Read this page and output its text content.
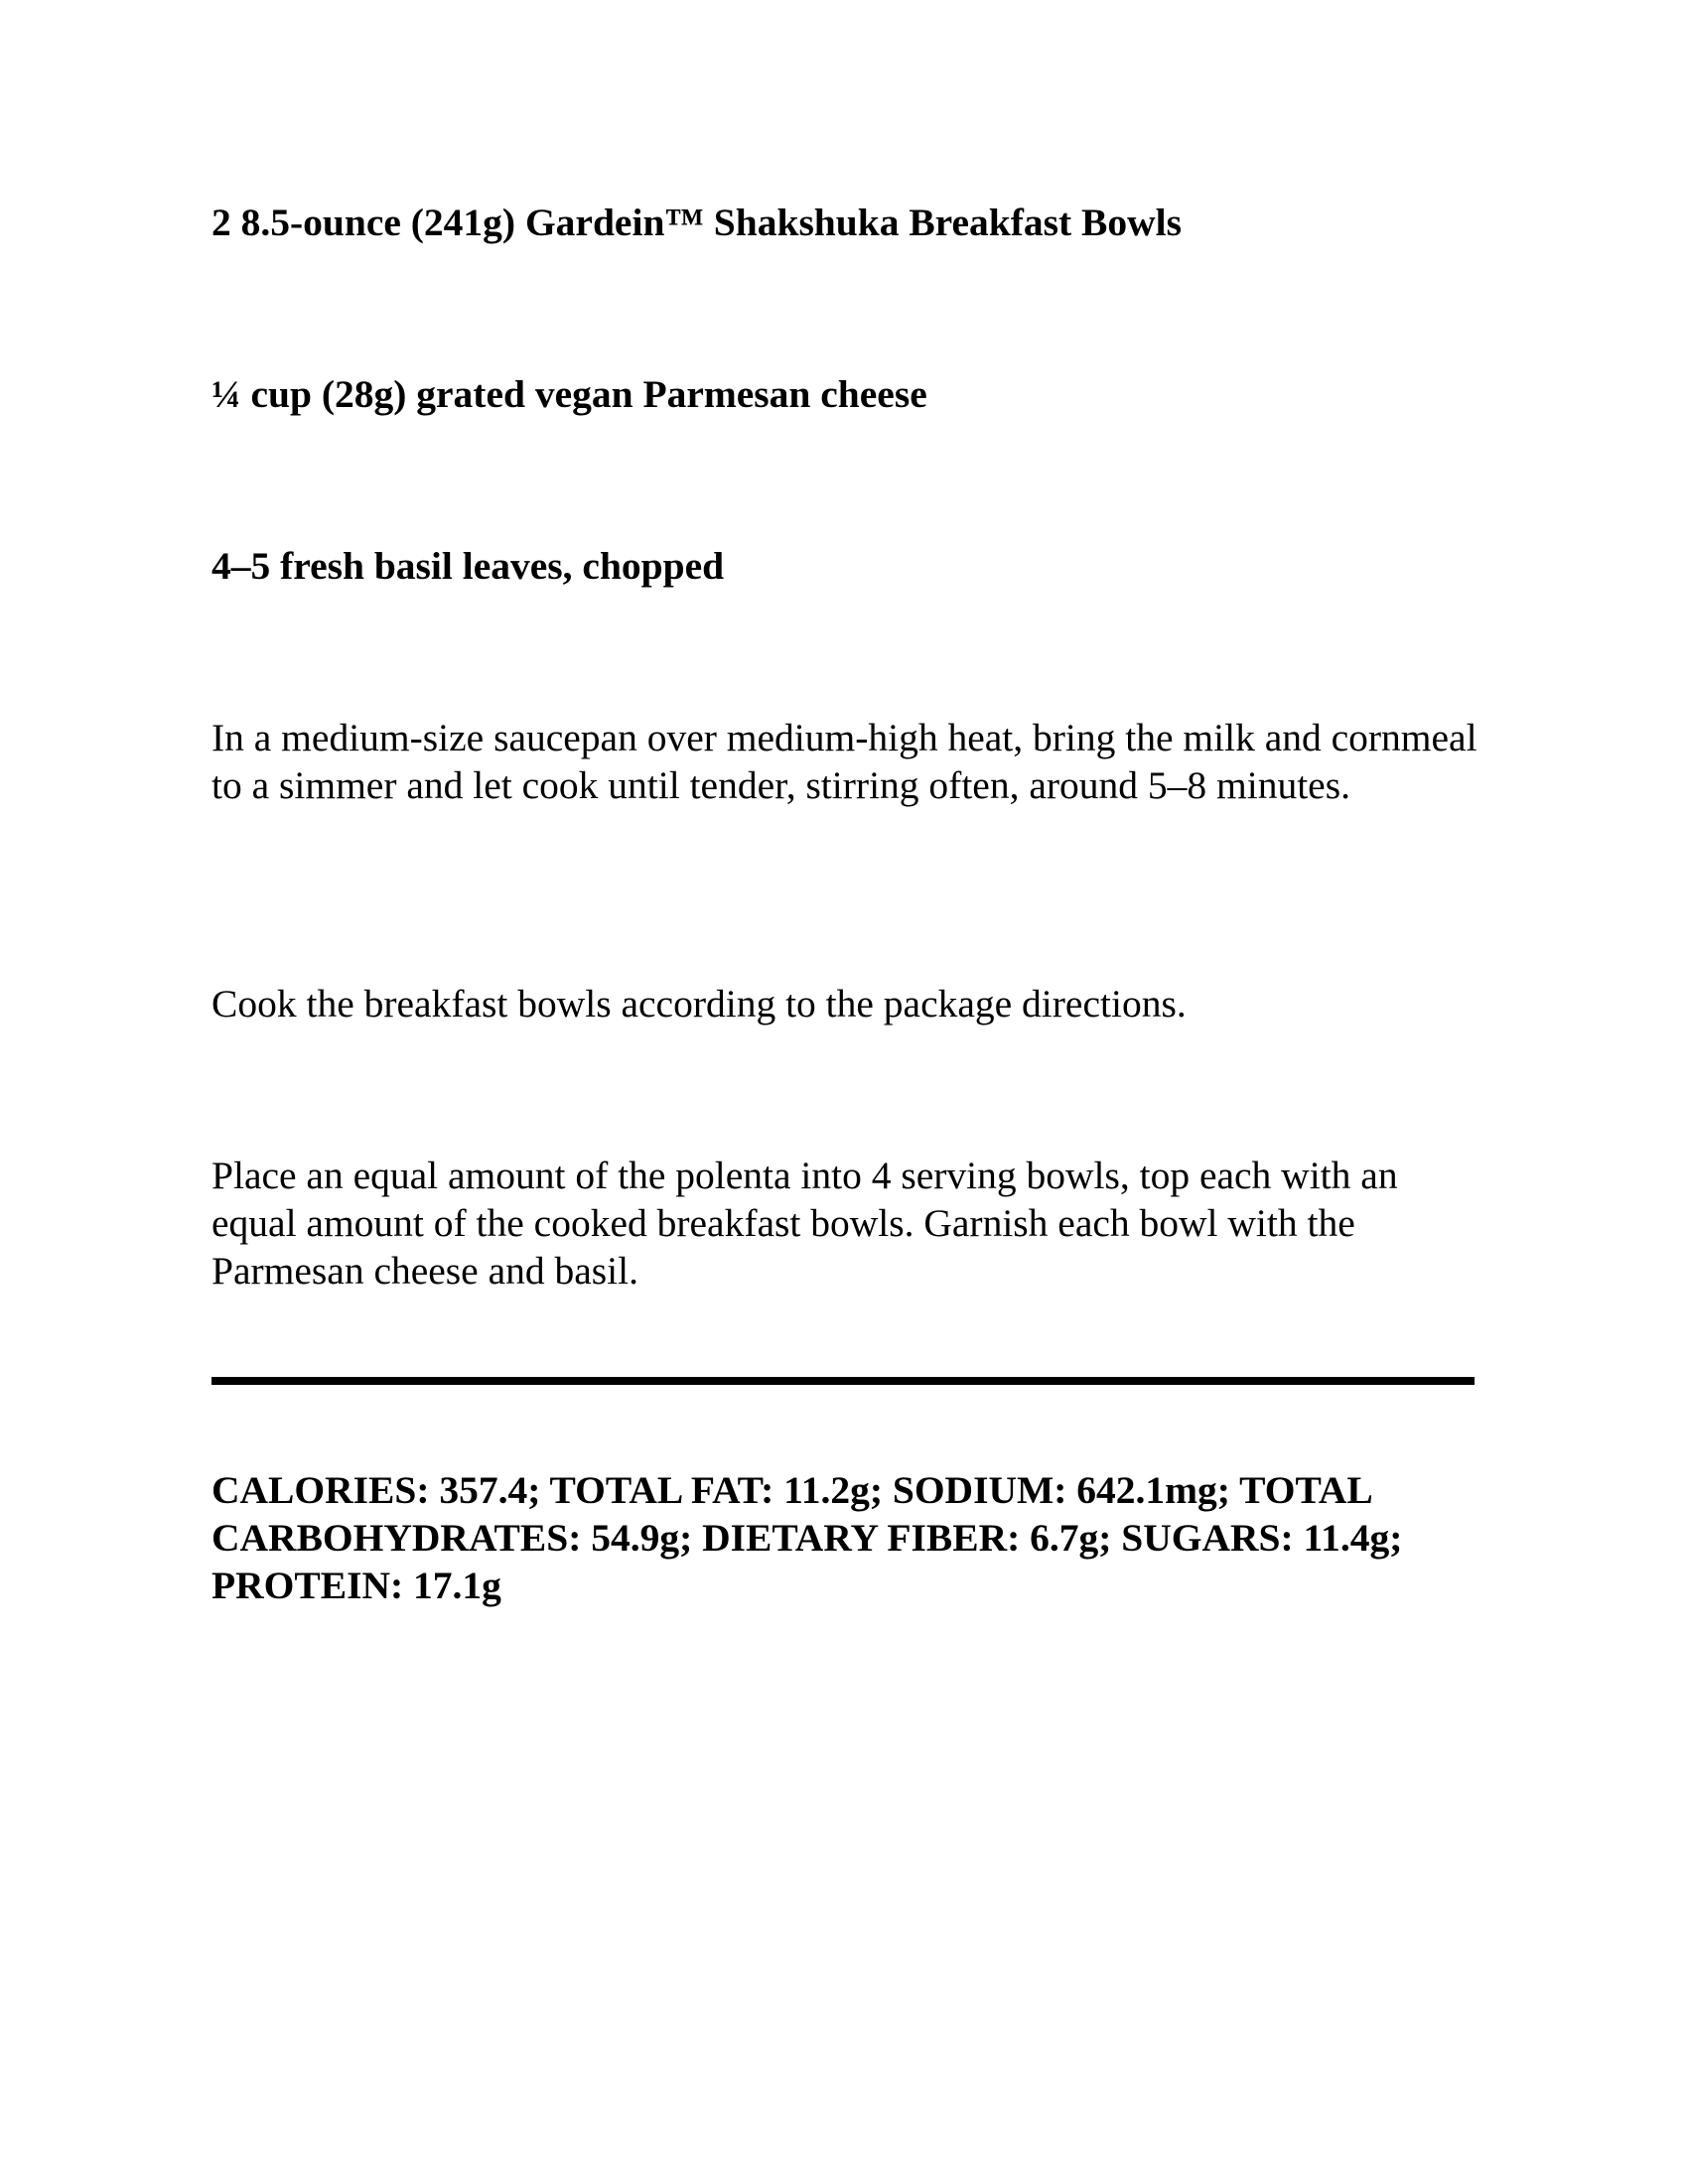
2 8.5-ounce (241g) Gardein™ Shakshuka Breakfast Bowls

¼ cup (28g) grated vegan Parmesan cheese

4–5 fresh basil leaves, chopped

In a medium-size saucepan over medium-high heat, bring the milk and cornmeal to a simmer and let cook until tender, stirring often, around 5–8 minutes.

Cook the breakfast bowls according to the package directions.

Place an equal amount of the polenta into 4 serving bowls, top each with an equal amount of the cooked breakfast bowls. Garnish each bowl with the Parmesan cheese and basil.

CALORIES: 357.4; TOTAL FAT: 11.2g; SODIUM: 642.1mg; TOTAL CARBOHYDRATES: 54.9g; DIETARY FIBER: 6.7g; SUGARS: 11.4g; PROTEIN: 17.1g
